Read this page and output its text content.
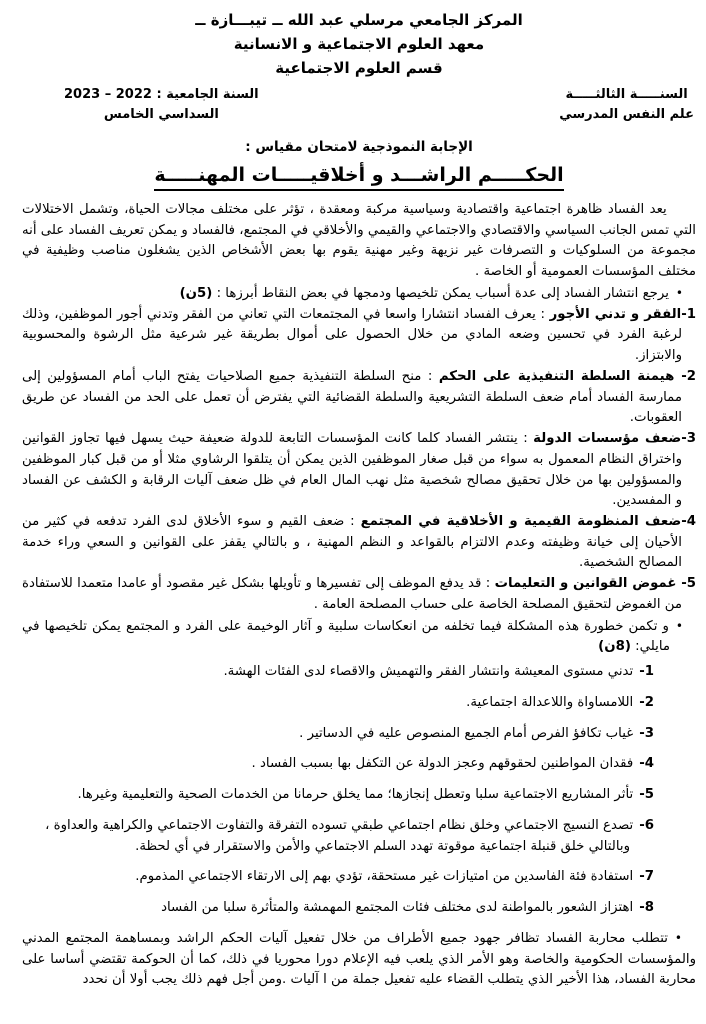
المركز الجامعي مرسلي عبد الله ــ تيبـــازة ــ
معهد العلوم الاجتماعية و الانسانية
قسم العلوم الاجتماعية
السنـــــة الثالثـــــة
علم النفس المدرسي
السنة الجامعية : 2022 – 2023
السداسي الخامس
الإجابة النموذجية لامتحان مقياس :
الحكـــــم الراشـــد و أخلاقيـــــات المهنـــــة

يعد الفساد ظاهرة اجتماعية واقتصادية وسياسية مركبة ومعقدة ، تؤثر على مختلف مجالات الحياة، وتشمل الاختلالات التي تمس الجانب السياسي والاقتصادي والاجتماعي والقيمي والأخلاقي في المجتمع، فالفساد و يمكن تعريف الفساد على أنه مجموعة من السلوكيات و التصرفات غير نزيهة وغير مهنية يقوم بها بعض الأشخاص الذين يشغلون مناصب وظيفية في مختلف المؤسسات العمومية أو الخاصة .

•يرجع انتشار الفساد إلى عدة أسباب يمكن تلخيصها ودمجها في بعض النقاط أبرزها : (5ن)

1-الفقر و تدني الأجور : يعرف الفساد انتشارا واسعا في المجتمعات التي تعاني من الفقر وتدني أجور الموظفين، وذلك لرغبة الفرد في تحسين وضعه المادي من خلال الحصول على أموال بطريقة غير شرعية مثل الرشوة والمحسوبية والابتزاز.

2- هيمنة السلطة التنفيذية على الحكم : منح السلطة التنفيذية جميع الصلاحيات يفتح الباب أمام المسؤولين إلى ممارسة الفساد أمام ضعف السلطة التشريعية والسلطة القضائية التي يفترض أن تعمل على الحد من الفساد عن طريق العقوبات.

3-ضعف مؤسسات الدولة : ينتشر الفساد كلما كانت المؤسسات التابعة للدولة ضعيفة حيث يسهل فيها تجاوز القوانين واختراق النظام المعمول به سواء من قبل صغار الموظفين الذين يمكن أن يتلقوا الرشاوي مثلا أو من قبل كبار الموظفين والمسؤولين بها من خلال تحقيق مصالح شخصية مثل نهب المال العام في ظل ضعف آليات الرقابة و الكشف عن الفساد و المفسدين.

4-ضعف المنظومة القيمية و الأخلاقية في المجتمع : ضعف القيم و سوء الأخلاق لدى الفرد تدفعه في كثير من الأحيان إلى خيانة وظيفته وعدم الالتزام بالقواعد و النظم المهنية ، و بالتالي يقفز على القوانين و السعي وراء خدمة المصالح الشخصية.

5- غموض القوانين و التعليمات : قد يدفع الموظف إلى تفسيرها و تأويلها بشكل غير مقصود أو عامدا متعمدا للاستفادة من الغموض لتحقيق المصلحة الخاصة على حساب المصلحة العامة .

•و تكمن خطورة هذه المشكلة فيما تخلفه من انعكاسات سلبية و آثار الوخيمة على الفرد و المجتمع يمكن تلخيصها في مايلي: (8ن)

1-تدني مستوى المعيشة وانتشار الفقر والتهميش والاقصاء لدى الفئات الهشة.

2-اللامساواة واللاعدالة اجتماعية.

3-غياب تكافؤ الفرص أمام الجميع المنصوص عليه في الدساتير .

4-فقدان المواطنين لحقوقهم وعجز الدولة عن التكفل بها بسبب الفساد .

5-تأثر المشاريع الاجتماعية سلبا وتعطل إنجازها؛ مما يخلق حرمانا من الخدمات الصحية والتعليمية وغيرها.

6-تصدع النسيج الاجتماعي وخلق نظام اجتماعي طبقي تسوده التفرقة والتفاوت الاجتماعي والكراهية والعداوة ، وبالتالي خلق قنبلة اجتماعية موقوتة تهدد السلم الاجتماعي والأمن والاستقرار في أي لحظة.

7-استفادة فئة الفاسدين من امتيازات غير مستحقة، تؤدي بهم إلى الارتقاء الاجتماعي المذموم.

8-اهتزاز الشعور بالمواطنة لدى مختلف فئات المجتمع المهمشة والمتأثرة سلبا من الفساد

•تتطلب محاربة الفساد تظافر جهود جميع الأطراف من خلال تفعيل آليات الحكم الراشد وبمساهمة المجتمع المدني والمؤسسات الحكومية والخاصة وهو الأمر الذي يلعب فيه الإعلام دورا محوريا في ذلك، كما أن الحوكمة تقتضي أساسا على محاربة الفساد، هذا الأخير الذي يتطلب القضاء عليه تفعيل جملة من ا آليات .ومن أجل فهم ذلك يجب أولا أن نحدد
